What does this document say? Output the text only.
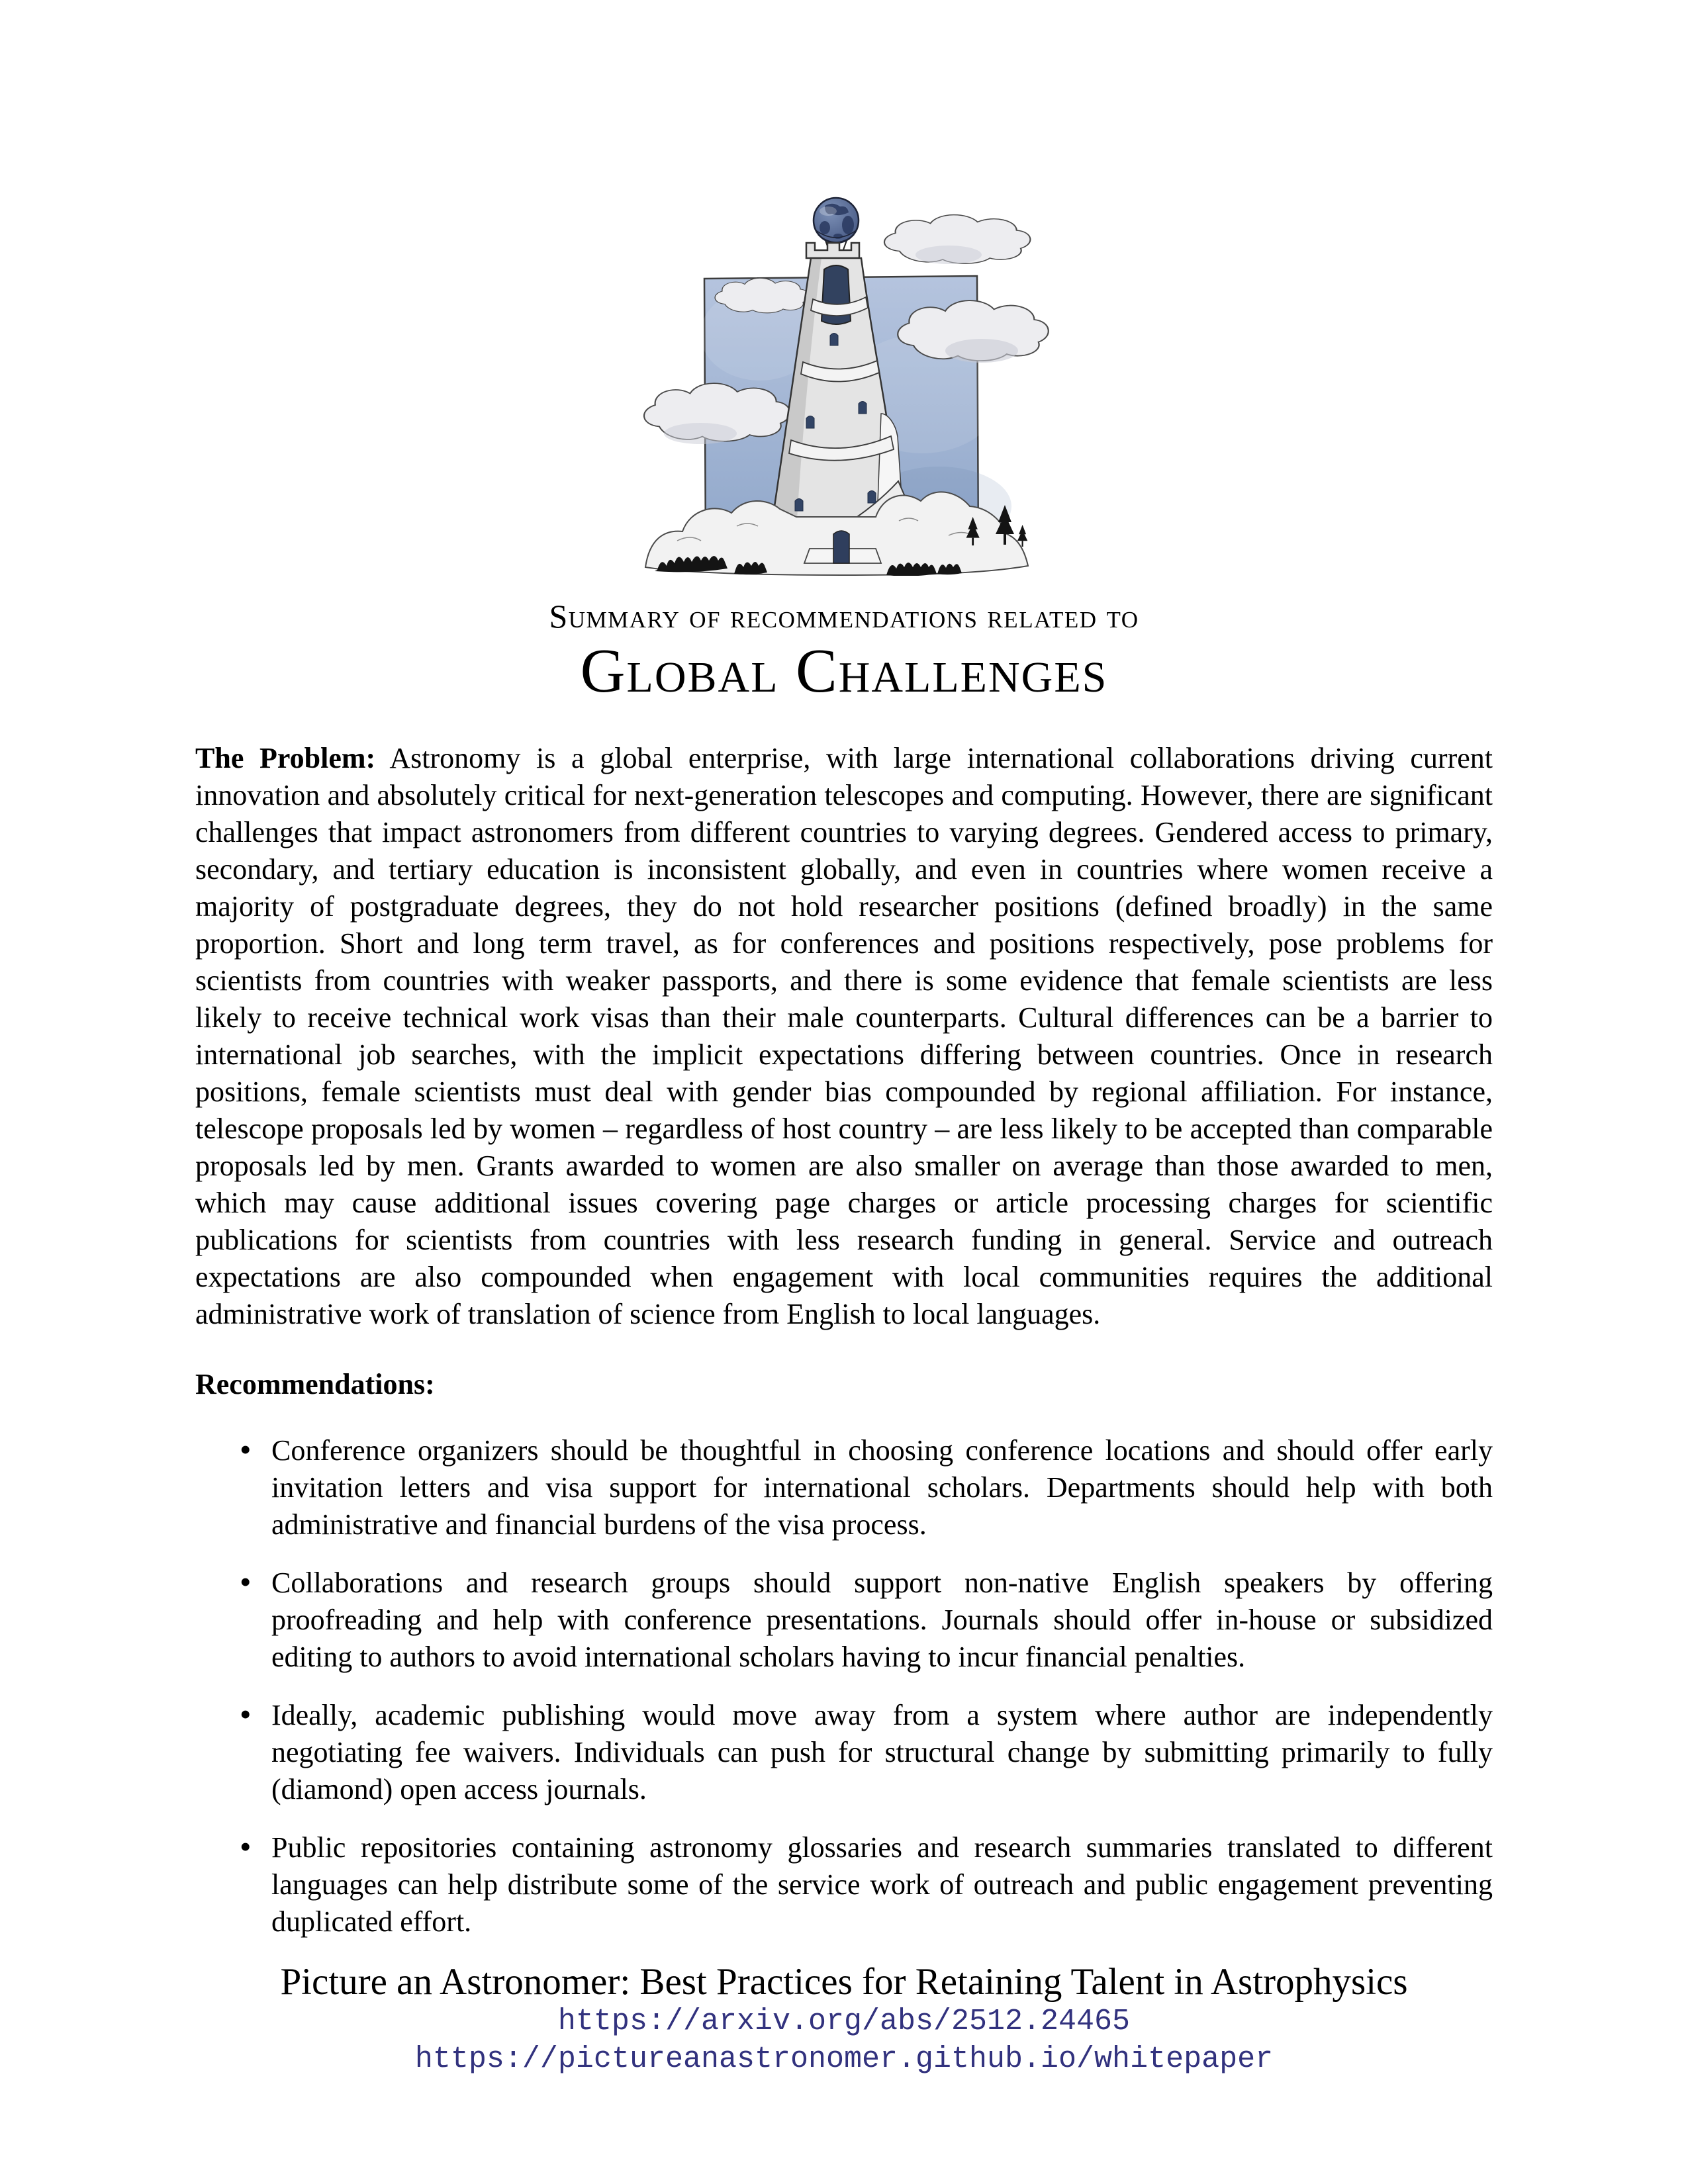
Summary of recommendations related to
Global Challenges

The Problem: Astronomy is a global enterprise, with large international collaborations driving current innovation and absolutely critical for next-generation telescopes and computing. However, there are significant challenges that impact astronomers from different countries to varying degrees. Gendered access to primary, secondary, and tertiary education is inconsistent globally, and even in countries where women receive a majority of postgraduate degrees, they do not hold researcher positions (defined broadly) in the same proportion. Short and long term travel, as for conferences and positions respectively, pose problems for scientists from countries with weaker passports, and there is some evidence that female scientists are less likely to receive technical work visas than their male counterparts. Cultural differences can be a barrier to international job searches, with the implicit expectations differing between countries. Once in research positions, female scientists must deal with gender bias compounded by regional affiliation. For instance, telescope proposals led by women – regardless of host country – are less likely to be accepted than comparable proposals led by men. Grants awarded to women are also smaller on average than those awarded to men, which may cause additional issues covering page charges or article processing charges for scientific publications for scientists from countries with less research funding in general. Service and outreach expectations are also compounded when engagement with local communities requires the additional administrative work of translation of science from English to local languages.

Recommendations:
• Conference organizers should be thoughtful in choosing conference locations and should offer early invitation letters and visa support for international scholars. Departments should help with both administrative and financial burdens of the visa process.
• Collaborations and research groups should support non-native English speakers by offering proofreading and help with conference presentations. Journals should offer in-house or subsidized editing to authors to avoid international scholars having to incur financial penalties.
• Ideally, academic publishing would move away from a system where author are independently negotiating fee waivers. Individuals can push for structural change by submitting primarily to fully (diamond) open access journals.
• Public repositories containing astronomy glossaries and research summaries translated to different languages can help distribute some of the service work of outreach and public engagement preventing duplicated effort.
Picture an Astronomer: Best Practices for Retaining Talent in Astrophysics
https://arxiv.org/abs/2512.24465
https://pictureanastronomer.github.io/whitepaper
